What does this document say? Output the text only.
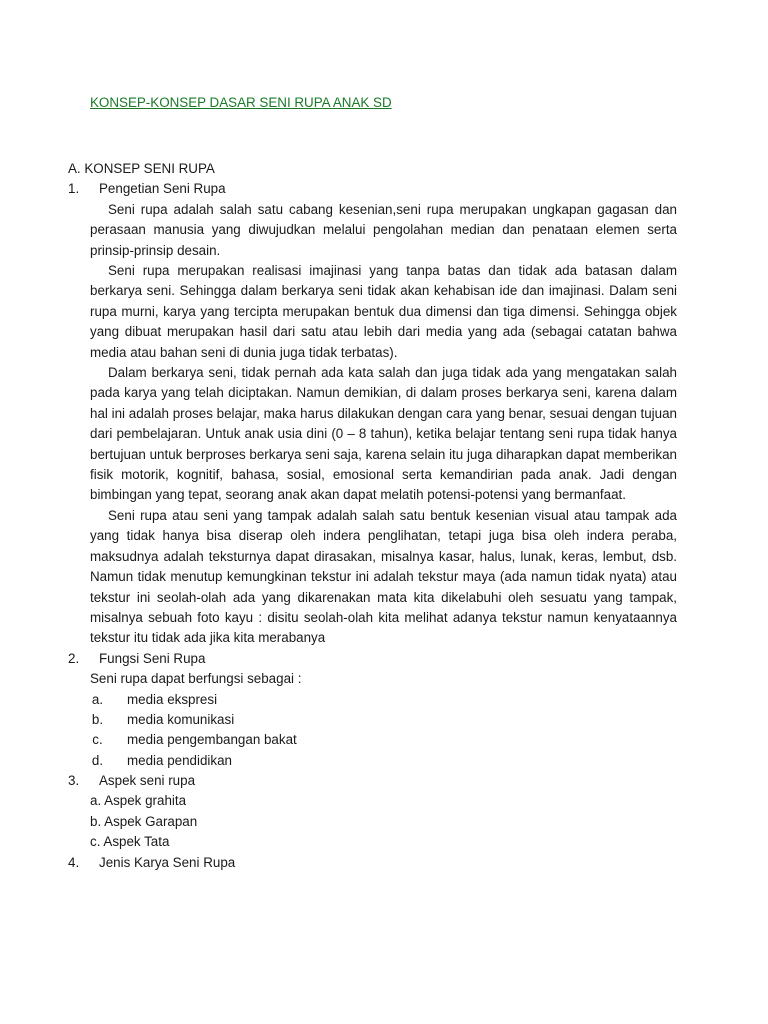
KONSEP-KONSEP DASAR SENI RUPA ANAK SD
A. KONSEP SENI RUPA
1. Pengetian Seni Rupa
Seni rupa adalah salah satu cabang kesenian,seni rupa merupakan ungkapan gagasan dan perasaan manusia yang diwujudkan melalui pengolahan median dan penataan elemen serta prinsip-prinsip desain.
Seni rupa merupakan realisasi imajinasi yang tanpa batas dan tidak ada batasan dalam berkarya seni. Sehingga dalam berkarya seni tidak akan kehabisan ide dan imajinasi. Dalam seni rupa murni, karya yang tercipta merupakan bentuk dua dimensi dan tiga dimensi. Sehingga objek yang dibuat merupakan hasil dari satu atau lebih dari media yang ada (sebagai catatan bahwa media atau bahan seni di dunia juga tidak terbatas).
Dalam berkarya seni, tidak pernah ada kata salah dan juga tidak ada yang mengatakan salah pada karya yang telah diciptakan. Namun demikian, di dalam proses berkarya seni, karena dalam hal ini adalah proses belajar, maka harus dilakukan dengan cara yang benar, sesuai dengan tujuan dari pembelajaran. Untuk anak usia dini (0 – 8 tahun), ketika belajar tentang seni rupa tidak hanya bertujuan untuk berproses berkarya seni saja, karena selain itu juga diharapkan dapat memberikan fisik motorik, kognitif, bahasa, sosial, emosional serta kemandirian pada anak. Jadi dengan bimbingan yang tepat, seorang anak akan dapat melatih potensi-potensi yang bermanfaat.
Seni rupa atau seni yang tampak adalah salah satu bentuk kesenian visual atau tampak ada yang tidak hanya bisa diserap oleh indera penglihatan, tetapi juga bisa oleh indera peraba, maksudnya adalah teksturnya dapat dirasakan, misalnya kasar, halus, lunak, keras, lembut, dsb. Namun tidak menutup kemungkinan tekstur ini adalah tekstur maya (ada namun tidak nyata) atau tekstur ini seolah-olah ada yang dikarenakan mata kita dikelabuhi oleh sesuatu yang tampak, misalnya sebuah foto kayu : disitu seolah-olah kita melihat adanya tekstur namun kenyataannya tekstur itu tidak ada jika kita merabanya
2. Fungsi Seni Rupa
Seni rupa dapat berfungsi sebagai :
a. media ekspresi
b. media komunikasi
c. media pengembangan bakat
d. media pendidikan
3. Aspek seni rupa
a. Aspek grahita
b. Aspek Garapan
c. Aspek Tata
4. Jenis Karya Seni Rupa
